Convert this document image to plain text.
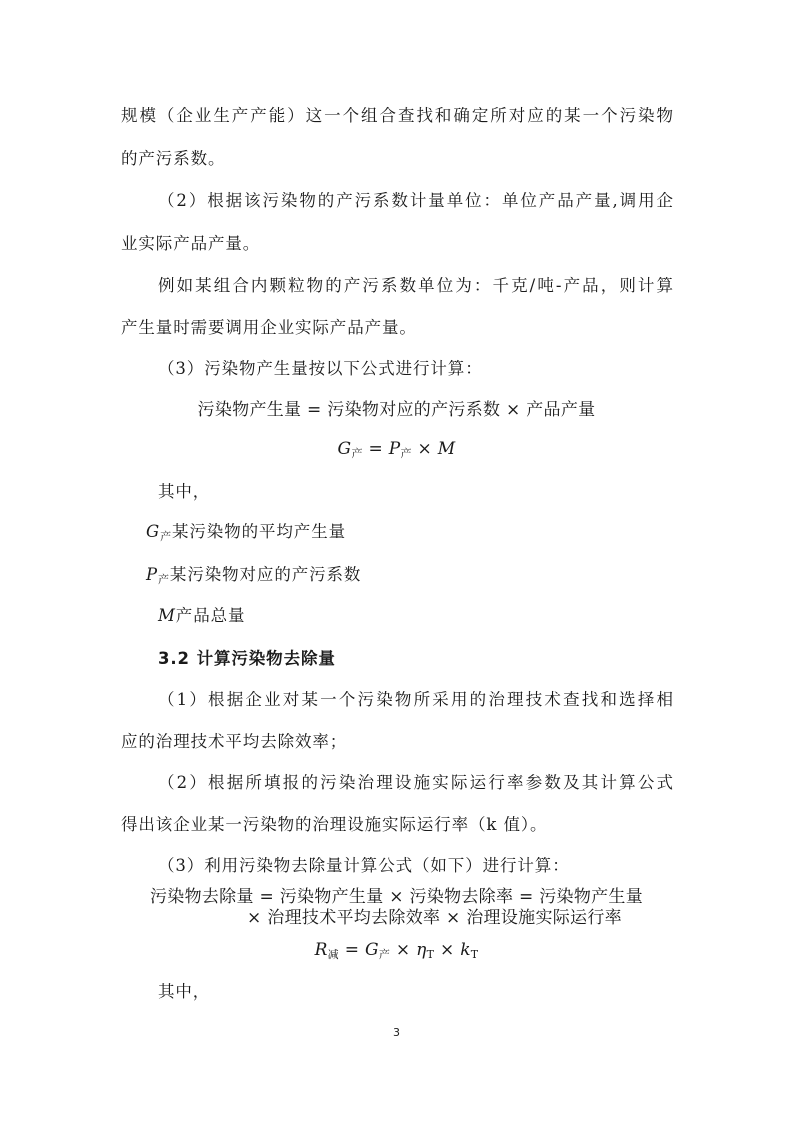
规模（企业生产产能）这一个组合查找和确定所对应的某一个污染物
的产污系数。
（2）根据该污染物的产污系数计量单位：单位产品产量,调用企
业实际产品产量。
例如某组合内颗粒物的产污系数单位为：千克/吨-产品，则计算
产生量时需要调用企业实际产品产量。
（3）污染物产生量按以下公式进行计算：
污染物产生量 = 污染物对应的产污系数 × 产品产量
$G_产 = P_产 \times M$
其中，
$G_产$某污染物的平均产生量
$P_产$某污染物对应的产污系数
M产品总量
3.2 计算污染物去除量
（1）根据企业对某一个污染物所采用的治理技术查找和选择相
应的治理技术平均去除效率；
（2）根据所填报的污染治理设施实际运行率参数及其计算公式
得出该企业某一污染物的治理设施实际运行率（k 值）。
（3）利用污染物去除量计算公式（如下）进行计算：
污染物去除量 = 污染物产生量 × 污染物去除率 = 污染物产生量
× 治理技术平均去除效率 × 治理设施实际运行率
$R_减 = G_产 \times \eta_T \times k_T$
其中，
3
